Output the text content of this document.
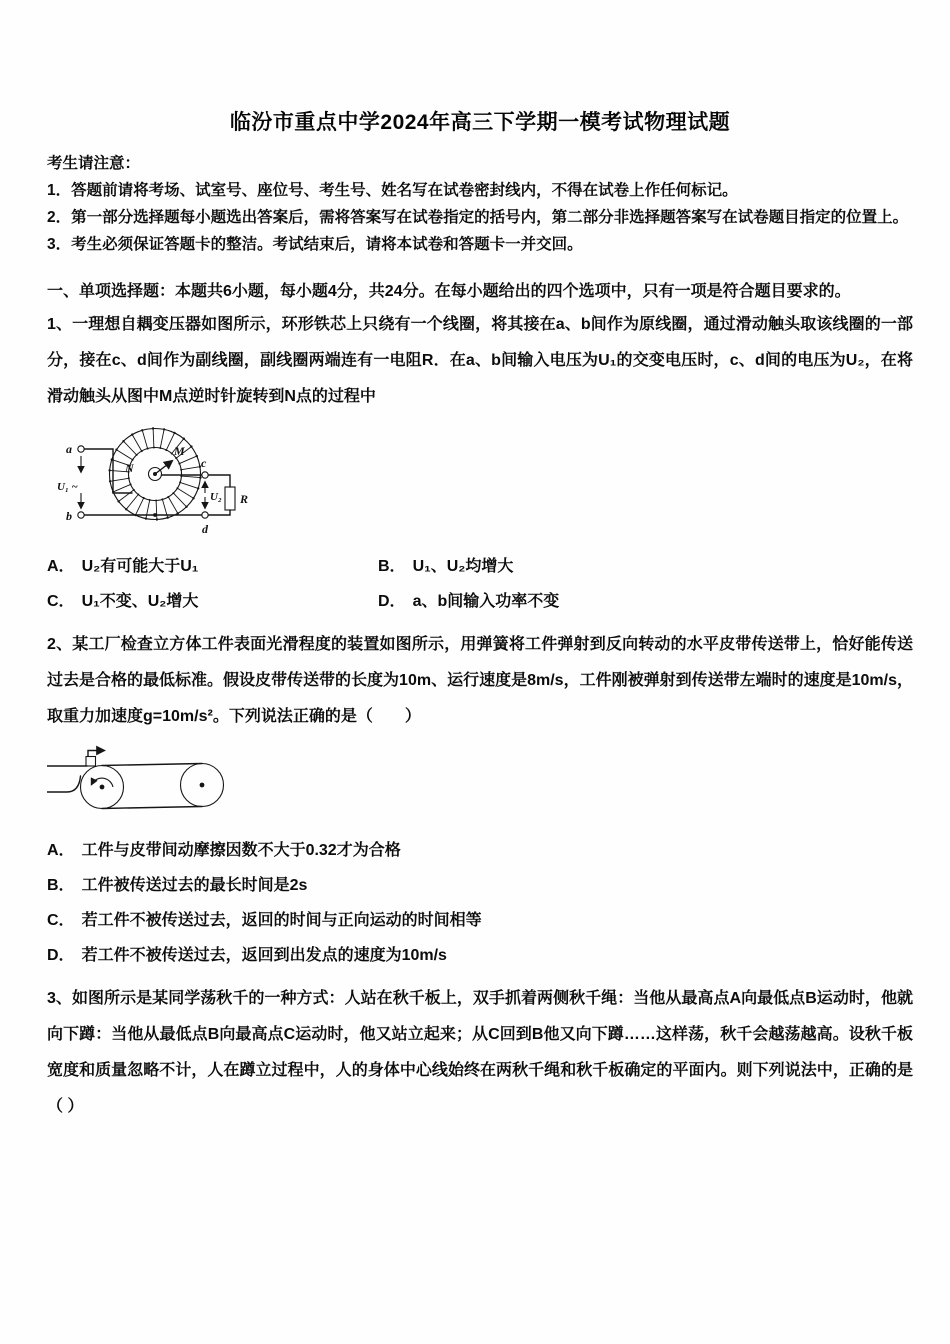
临汾市重点中学2024年高三下学期一模考试物理试题

考生请注意：

1．答题前请将考场、试室号、座位号、考生号、姓名写在试卷密封线内，不得在试卷上作任何标记。

2．第一部分选择题每小题选出答案后，需将答案写在试卷指定的括号内，第二部分非选择题答案写在试卷题目指定的位置上。

3．考生必须保证答题卡的整洁。考试结束后，请将本试卷和答题卡一并交回。

一、单项选择题：本题共6小题，每小题4分，共24分。在每小题给出的四个选项中，只有一项是符合题目要求的。

1、一理想自耦变压器如图所示，环形铁芯上只绕有一个线圈，将其接在a、b间作为原线圈，通过滑动触头取该线圈的一部分，接在c、d间作为副线圈，副线圈两端连有一电阻R．在a、b间输入电压为U₁的交变电压时，c、d间的电压为U₂，在将滑动触头从图中M点逆时针旋转到N点的过程中

a
U₁ ~
b
M
N	c
R
U₂
d

A． U₂有可能大于U₁	B． U₁、U₂均增大

C． U₁不变、U₂增大	D． a、b间输入功率不变

2、某工厂检查立方体工件表面光滑程度的装置如图所示，用弹簧将工件弹射到反向转动的水平皮带传送带上，恰好能传送过去是合格的最低标准。假设皮带传送带的长度为10m、运行速度是8m/s，工件刚被弹射到传送带左端时的速度是10m/s，取重力加速度g=10m/s²。下列说法正确的是（　　）

A． 工件与皮带间动摩擦因数不大于0.32才为合格

B． 工件被传送过去的最长时间是2s

C． 若工件不被传送过去，返回的时间与正向运动的时间相等

D． 若工件不被传送过去，返回到出发点的速度为10m/s

3、如图所示是某同学荡秋千的一种方式：人站在秋千板上，双手抓着两侧秋千绳：当他从最高点A向最低点B运动时，他就向下蹲：当他从最低点B向最高点C运动时，他又站立起来；从C回到B他又向下蹲……这样荡，秋千会越荡越高。设秋千板宽度和质量忽略不计，人在蹲立过程中，人的身体中心线始终在两秋千绳和秋千板确定的平面内。则下列说法中，正确的是（ ）
